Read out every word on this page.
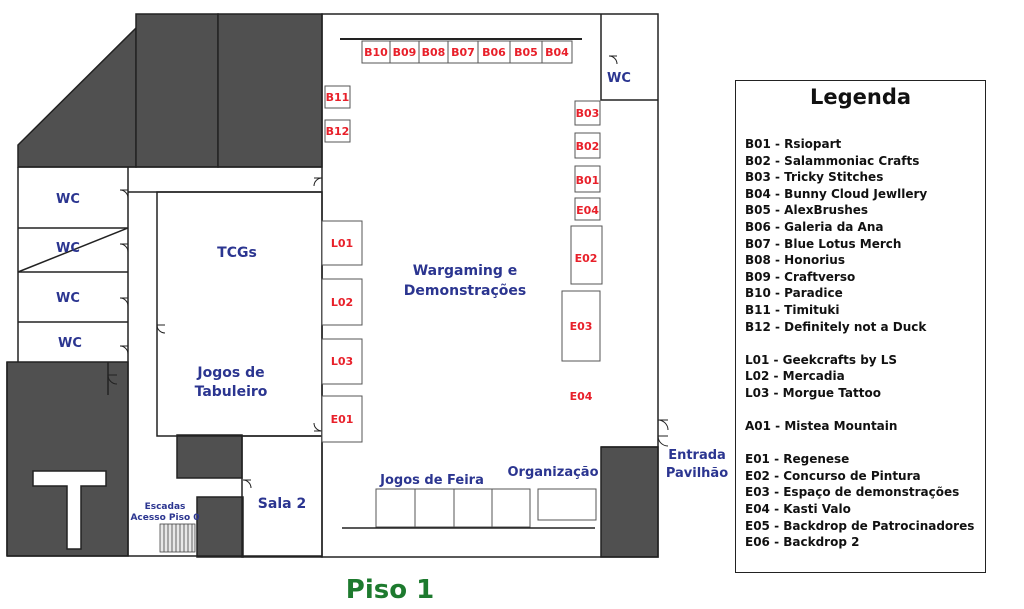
B10 B09 B08 B07 B06 B05 B04
B11
B12
B03
B02
B01
E04
E02
E03
E04
L01
L02
L03
E01
Wargaming e
Demonstrações
TCGs
Jogos de
Tabuleiro
Sala 2
Jogos de Feira
Organização
Entrada
Pavilhão
Escadas
Acesso Piso 0
WC
WC
WC
WC
WC
Piso 1
Legenda
B01 - Rsiopart
B02 - Salammoniac Crafts
B03 - Tricky Stitches
B04 - Bunny Cloud Jewllery
B05 - AlexBrushes
B06 - Galeria da Ana
B07 - Blue Lotus Merch
B08 - Honorius
B09 - Craftverso
B10 - Paradice
B11 - Timituki
B12 - Definitely not a Duck
L01 - Geekcrafts by LS
L02 - Mercadia
L03 - Morgue Tattoo
A01 - Mistea Mountain
E01 - Regenese
E02 - Concurso de Pintura
E03 - Espaço de demonstrações
E04 - Kasti Valo
E05 - Backdrop de Patrocinadores
E06 - Backdrop 2
